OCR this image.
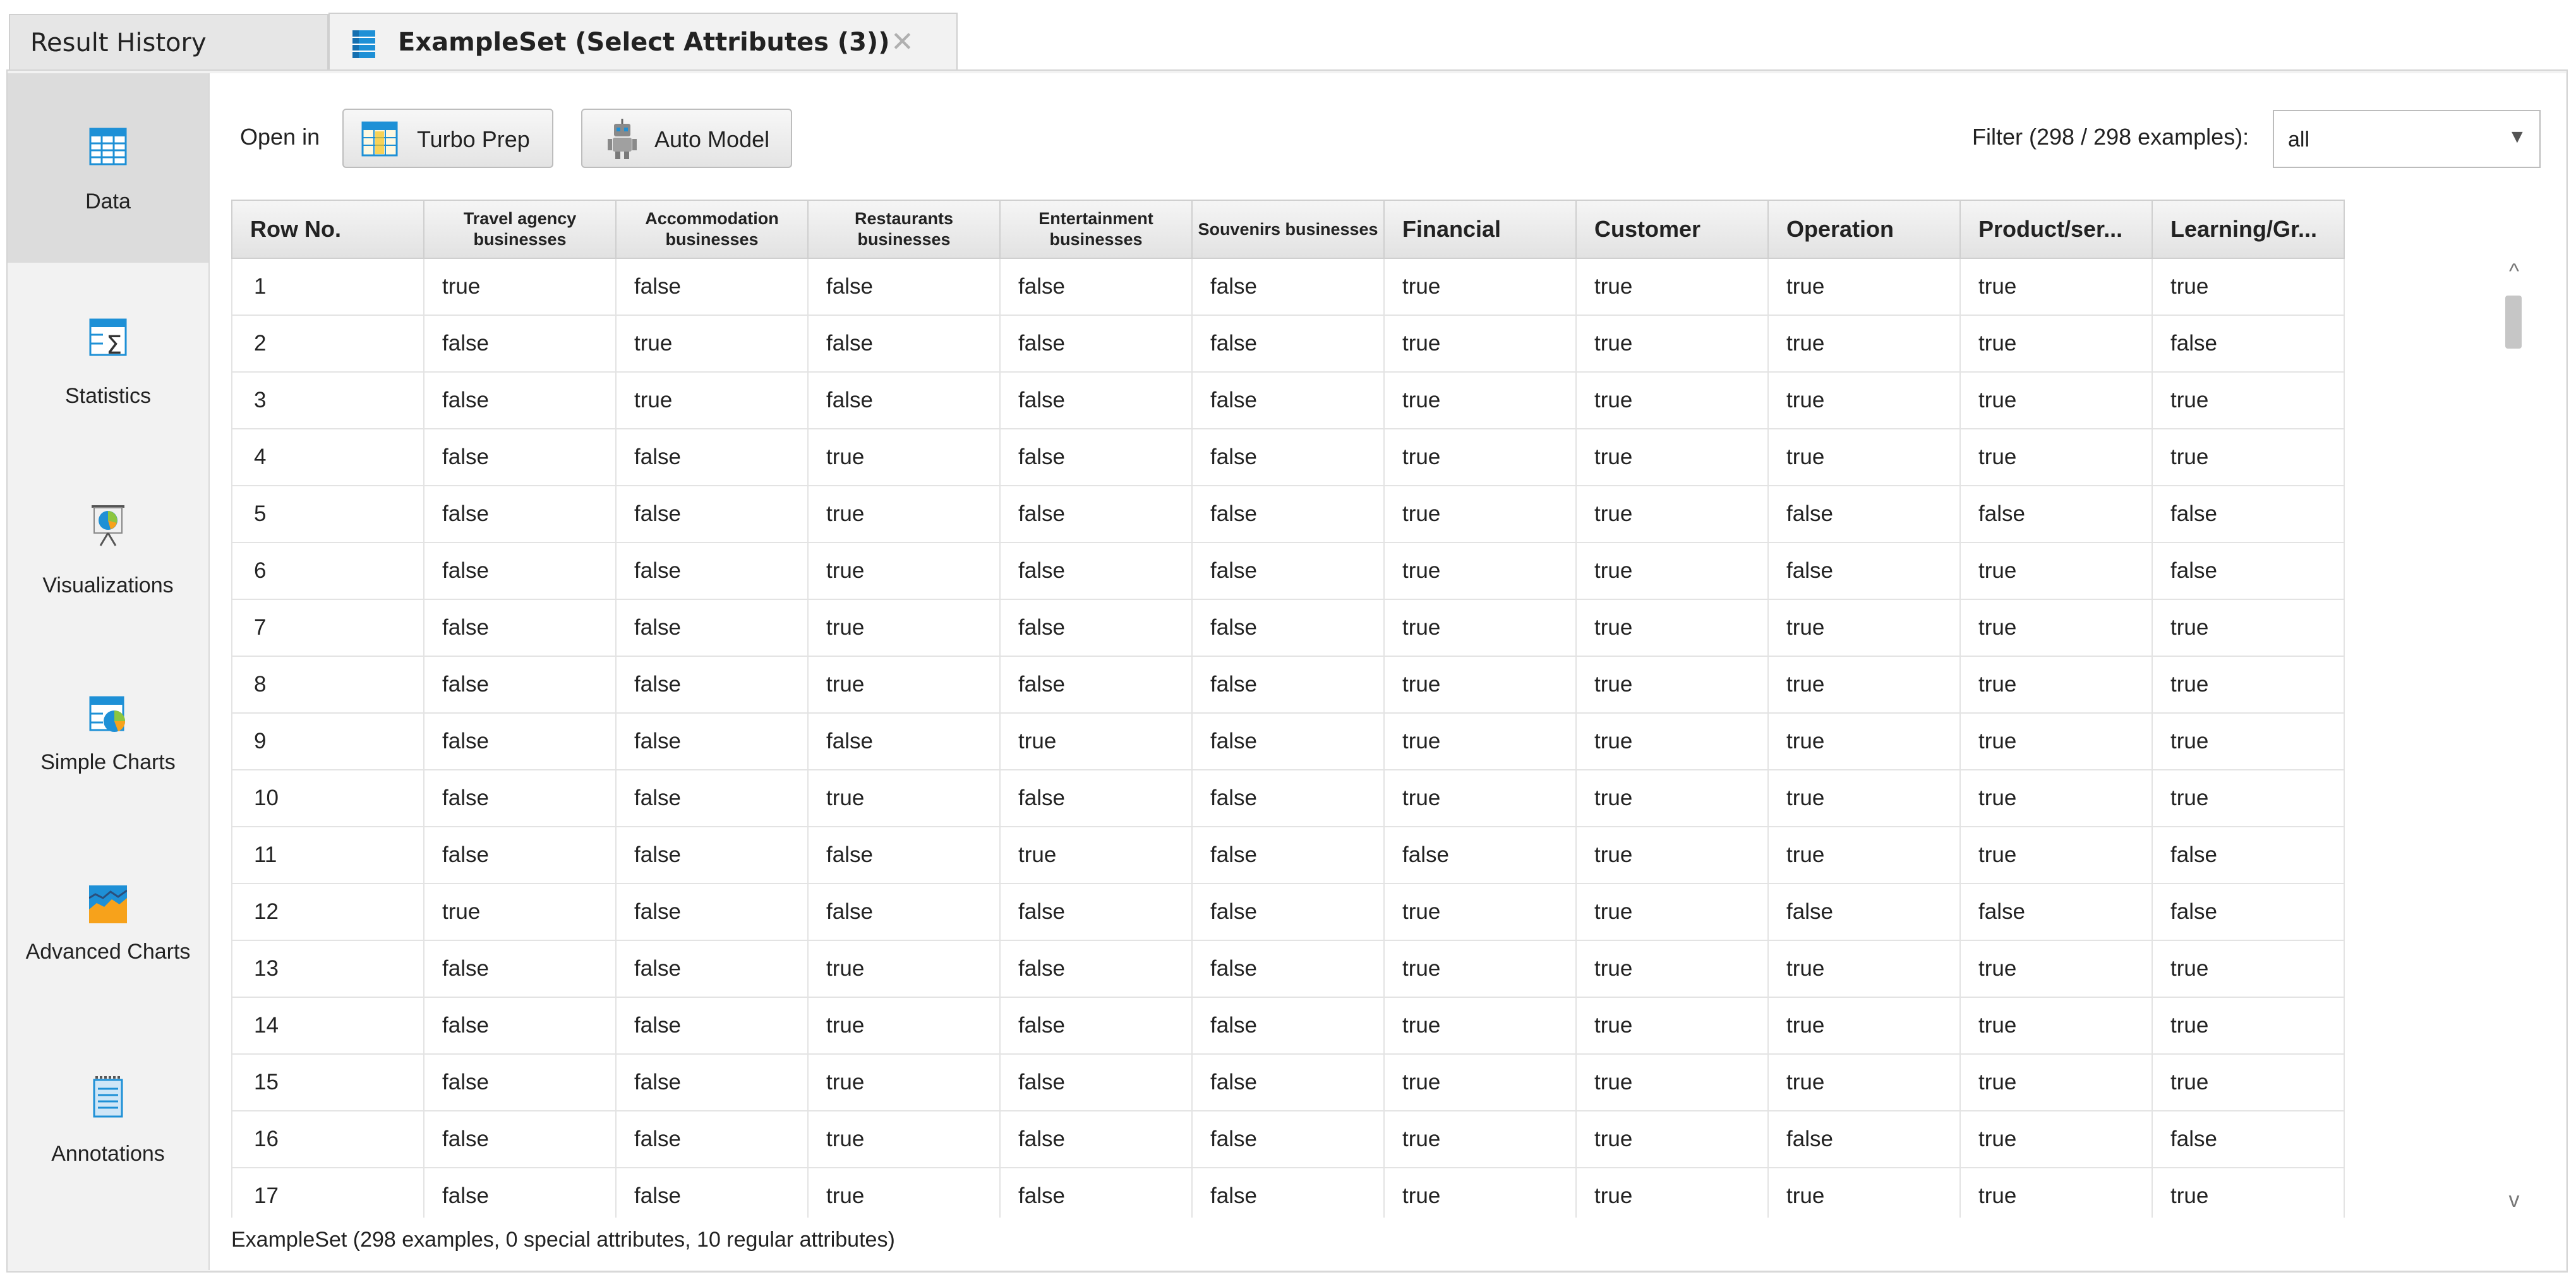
Result History	ExampleSet (Select Attributes (3)) ✕
Data
Σ
Statistics
Visualizations
Simple Charts
Advanced Charts
Annotations
Open in	Turbo Prep	Auto Model	Filter (298 / 298 examples): all	▼
Row No.	Travel agency businesses	Accommodation businesses	Restaurants businesses	Entertainment businesses	Souvenirs businesses	Financial	Customer	Operation	Product/ser...	Learning/Gr...
1	true	false	false	false	false	true	true	true	true	true
2	false	true	false	false	false	true	true	true	true	false
3	false	true	false	false	false	true	true	true	true	true
4	false	false	true	false	false	true	true	true	true	true
5	false	false	true	false	false	true	true	false	false	false
6	false	false	true	false	false	true	true	false	true	false
7	false	false	true	false	false	true	true	true	true	true
8	false	false	true	false	false	true	true	true	true	true
9	false	false	false	true	false	true	true	true	true	true
10	false	false	true	false	false	true	true	true	true	true
11	false	false	false	true	false	false	true	true	true	false
12	true	false	false	false	false	true	true	false	false	false
13	false	false	true	false	false	true	true	true	true	true
14	false	false	true	false	false	true	true	true	true	true
15	false	false	true	false	false	true	true	true	true	true
16	false	false	true	false	false	true	true	false	true	false
17	false	false	true	false	false	true	true	true	true	true
^
v
ExampleSet (298 examples, 0 special attributes, 10 regular attributes)
